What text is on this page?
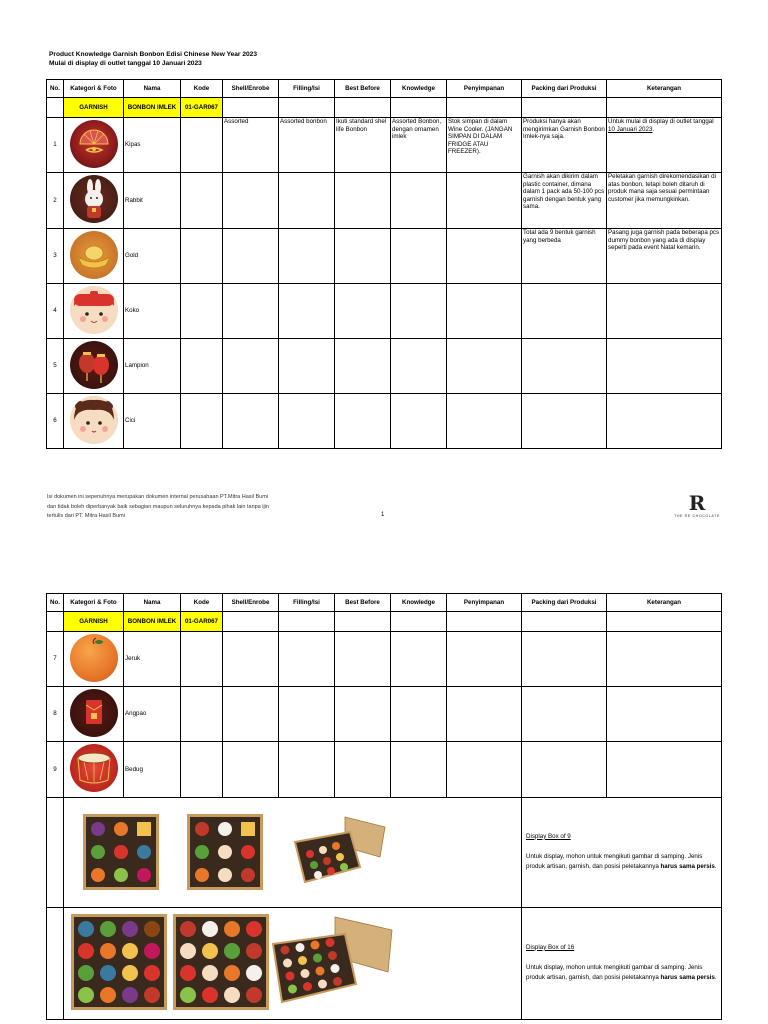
Product Knowledge Garnish Bonbon Edisi Chinese New Year 2023
Mulai di display di outlet tanggal 10 Januari 2023
No.	Kategori & Foto	Nama	Kode	Shell/Enrobe	Filling/Isi	Best Before	Knowledge	Penyimpanan	Packing dari Produksi	Keterangan
	GARNISH	BONBON IMLEK	01-GAR067							
1		Kipas		Assorted	Assorted bonbon	Ikuti standard shel life Bonbon	Assorted Bonbon, dengan ornamen imlek	Stok simpan di dalam Wine Cooler. (JANGAN SIMPAN DI DALAM FRIDGE ATAU FREEZER).	Produksi hanya akan mengirimkan Garnish Bonbon Imlek-nya saja.	Untuk mulai di display di outlet tanggal 10 Januari 2023.
2		Rabbit							Garnish akan dikirim dalam plastic container, dimana dalam 1 pack ada 50-100 pcs garnish dengan bentuk yang sama.	Peletakan garnish direkomendasikan di atas bonbon, tetapi boleh ditaruh di produk mana saja sesuai permintaan customer jika memungkinkan.
3		Gold							Total ada 9 bentuk garnish yang berbeda	Pasang juga garnish pada beberapa pcs dummy bonbon yang ada di display seperti pada event Natal kemarin.
4		Koko								
5		Lampion								
6		Cici								
Isi dokumen ini sepenuhnya merupakan dokumen internal perusahaan PT.Mitra Hasil Bumi
dan tidak boleh diperbanyak baik sebagian maupun seluruhnya kepada pihak lain tanpa ijin
tertulis dari PT. Mitra Hasil Bumi	1	R
THE RE CHOCOLATE
No.	Kategori & Foto	Nama	Kode	Shell/Enrobe	Filling/Isi	Best Before	Knowledge	Penyimpanan	Packing dari Produksi	Keterangan
	GARNISH	BONBON IMLEK	01-GAR067							
7		Jeruk								
8		Angpao								
9		Bedug								

Display Box of 9
Untuk display, mohon untuk mengikuti gambar di samping. Jenis produk artisan, garnish, dan posisi peletakannya harus sama persis.	

Display Box of 16
Untuk display, mohon untuk mengikuti gambar di samping. Jenis produk artisan, garnish, dan posisi peletakannya harus sama persis.	
